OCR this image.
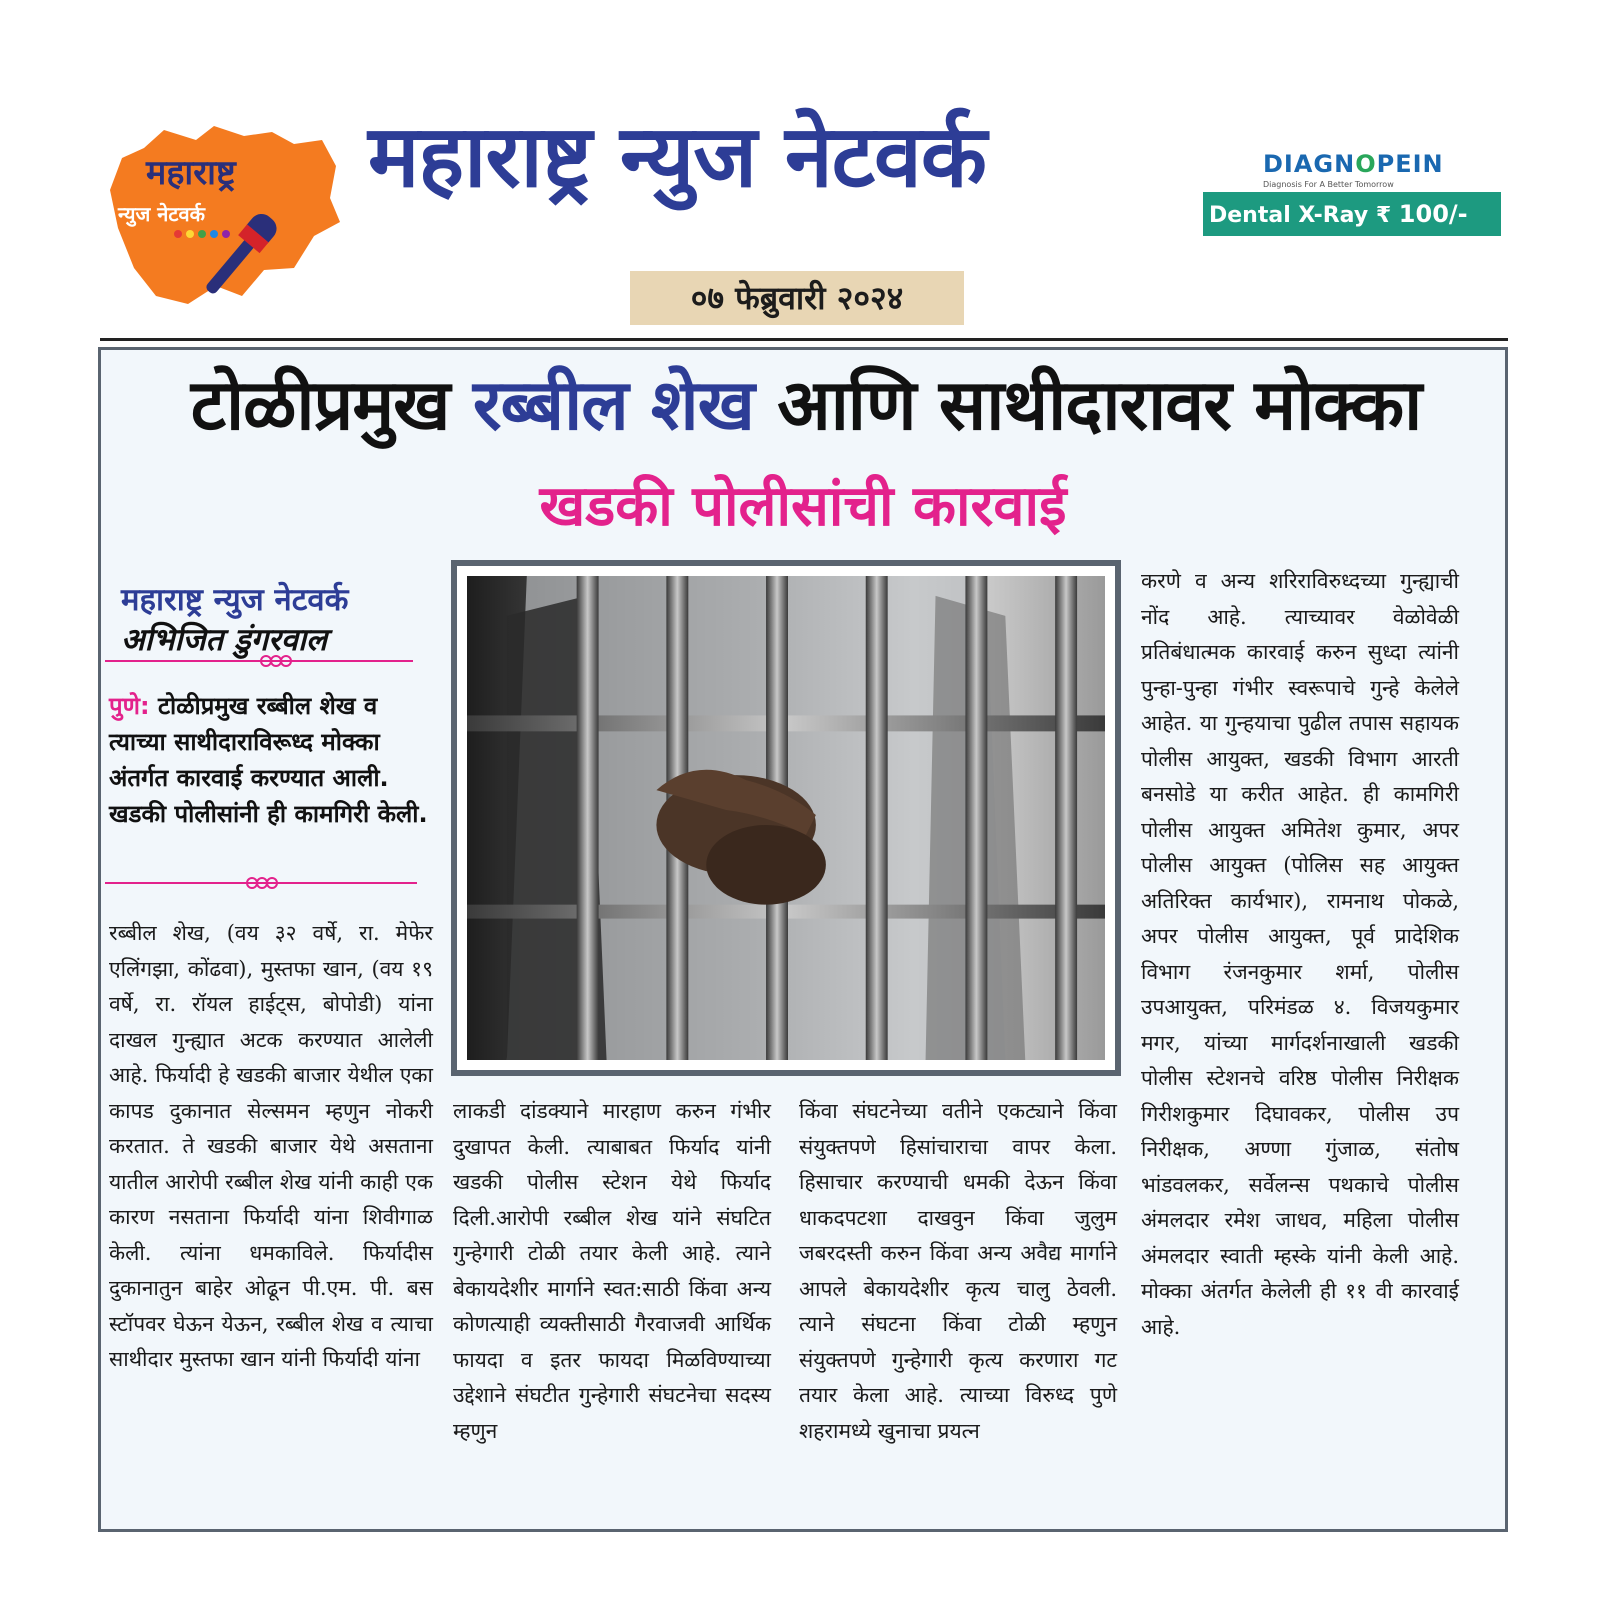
महाराष्ट्र
न्युज नेटवर्क
महाराष्ट्र न्युज नेटवर्क
०७ फेब्रुवारी २०२४
DIAGNOPEIN
Diagnosis For A Better Tomorrow
Dental X-Ray ₹ 100/-
टोळीप्रमुख रब्बील शेख आणि साथीदारावर मोक्का
खडकी पोलीसांची कारवाई
महाराष्ट्र न्युज नेटवर्क
अभिजित डुंगरवाल
पुणे: टोळीप्रमुख रब्बील शेख व त्याच्या साथीदाराविरूध्द मोक्का अंतर्गत कारवाई करण्यात आली.
खडकी पोलीसांनी ही कामगिरी केली.
रब्बील शेख, (वय ३२ वर्षे, रा. मेफेर एलिंगझा, कोंढवा), मुस्तफा खान, (वय १९ वर्षे, रा. रॉयल हाईट्स, बोपोडी) यांना दाखल गुन्ह्यात अटक करण्यात आलेली आहे. फिर्यादी हे खडकी बाजार येथील एका कापड दुकानात सेल्समन म्हणुन नोकरी करतात. ते खडकी बाजार येथे असताना यातील आरोपी रब्बील शेख यांनी काही एक कारण नसताना फिर्यादी यांना शिवीगाळ केली. त्यांना धमकाविले. फिर्यादीस दुकानातुन बाहेर ओढून पी.एम. पी. बस स्टॉपवर घेऊन येऊन, रब्बील शेख व त्याचा साथीदार मुस्तफा खान यांनी फिर्यादी यांना
लाकडी दांडक्याने मारहाण करुन गंभीर दुखापत केली. त्याबाबत फिर्याद यांनी खडकी पोलीस स्टेशन येथे फिर्याद दिली.आरोपी रब्बील शेख यांने संघटित गुन्हेगारी टोळी तयार केली आहे. त्याने बेकायदेशीर मार्गाने स्वत:साठी किंवा अन्य कोणत्याही व्यक्तीसाठी गैरवाजवी आर्थिक फायदा व इतर फायदा मिळविण्याच्या उद्देशाने संघटीत गुन्हेगारी संघटनेचा सदस्य म्हणुन
किंवा संघटनेच्या वतीने एकट्याने किंवा संयुक्तपणे हिसांचाराचा वापर केला. हिसाचार करण्याची धमकी देऊन किंवा धाकदपटशा दाखवुन किंवा जुलुम जबरदस्ती करुन किंवा अन्य अवैद्य मार्गाने आपले बेकायदेशीर कृत्य चालु ठेवली. त्याने संघटना किंवा टोळी म्हणुन संयुक्तपणे गुन्हेगारी कृत्य करणारा गट तयार केला आहे. त्याच्या विरुध्द पुणे शहरामध्ये खुनाचा प्रयत्न
करणे व अन्य शरिराविरुध्दच्या गुन्ह्याची नोंद आहे. त्याच्यावर वेळोवेळी प्रतिबंधात्मक कारवाई करुन सुध्दा त्यांनी पुन्हा-पुन्हा गंभीर स्वरूपाचे गुन्हे केलेले आहेत. या गुन्हयाचा पुढील तपास सहायक पोलीस आयुक्त, खडकी विभाग आरती बनसोडे या करीत आहेत. ही कामगिरी पोलीस आयुक्त अमितेश कुमार, अपर पोलीस आयुक्त (पोलिस सह आयुक्त अतिरिक्त कार्यभार), रामनाथ पोकळे, अपर पोलीस आयुक्त, पूर्व प्रादेशिक विभाग रंजनकुमार शर्मा, पोलीस उपआयुक्त, परिमंडळ ४. विजयकुमार मगर, यांच्या मार्गदर्शनाखाली खडकी पोलीस स्टेशनचे वरिष्ठ पोलीस निरीक्षक गिरीशकुमार दिघावकर, पोलीस उप निरीक्षक, अण्णा गुंजाळ, संतोष भांडवलकर, सर्वेलन्स पथकाचे पोलीस अंमलदार रमेश जाधव, महिला पोलीस अंमलदार स्वाती म्हस्के यांनी केली आहे. मोक्का अंतर्गत केलेली ही ११ वी कारवाई आहे.
